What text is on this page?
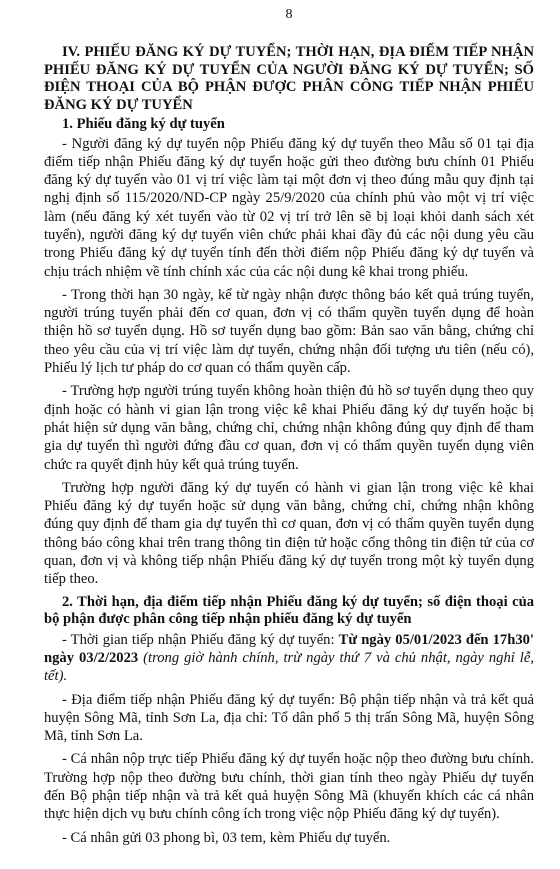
8
IV. PHIẾU ĐĂNG KÝ DỰ TUYỂN; THỜI HẠN, ĐỊA ĐIỂM TIẾP NHẬN PHIẾU ĐĂNG KÝ DỰ TUYỂN CỦA NGƯỜI ĐĂNG KÝ DỰ TUYỂN; SỐ ĐIỆN THOẠI CỦA BỘ PHẬN ĐƯỢC PHÂN CÔNG TIẾP NHẬN PHIẾU ĐĂNG KÝ DỰ TUYỂN
1. Phiếu đăng ký dự tuyển

- Người đăng ký dự tuyển nộp Phiếu đăng ký dự tuyển theo Mẫu số 01 tại địa điểm tiếp nhận Phiếu đăng ký dự tuyển hoặc gửi theo đường bưu chính 01 Phiếu đăng ký dự tuyển vào 01 vị trí việc làm tại một đơn vị theo đúng mẫu quy định tại nghị định số 115/2020/ND-CP ngày 25/9/2020 của chính phủ vào một vị trí việc làm (nếu đăng ký xét tuyển vào từ 02 vị trí trở lên sẽ bị loại khỏi danh sách xét tuyển), người đăng ký dự tuyển viên chức phải khai đầy đủ các nội dung yêu cầu trong Phiếu đăng ký dự tuyển tính đến thời điểm nộp Phiếu đăng ký dự tuyển và chịu trách nhiệm về tính chính xác của các nội dung kê khai trong phiếu.

- Trong thời hạn 30 ngày, kể từ ngày nhận được thông báo kết quả trúng tuyển, người trúng tuyển phải đến cơ quan, đơn vị có thẩm quyền tuyển dụng để hoàn thiện hồ sơ tuyển dụng. Hồ sơ tuyển dụng bao gồm: Bản sao văn bằng, chứng chỉ theo yêu cầu của vị trí việc làm dự tuyển, chứng nhận đối tượng ưu tiên (nếu có), Phiếu lý lịch tư pháp do cơ quan có thẩm quyền cấp.

- Trường hợp người trúng tuyển không hoàn thiện đủ hồ sơ tuyển dụng theo quy định hoặc có hành vi gian lận trong việc kê khai Phiếu đăng ký dự tuyển hoặc bị phát hiện sử dụng văn bằng, chứng chỉ, chứng nhận không đúng quy định để tham gia dự tuyển thì người đứng đầu cơ quan, đơn vị có thẩm quyền tuyển dụng viên chức ra quyết định hủy kết quả trúng tuyển.

Trường hợp người đăng ký dự tuyển có hành vi gian lận trong việc kê khai Phiếu đăng ký dự tuyển hoặc sử dụng văn bằng, chứng chỉ, chứng nhận không đúng quy định để tham gia dự tuyển thì cơ quan, đơn vị có thẩm quyền tuyển dụng thông báo công khai trên trang thông tin điện tử hoặc cổng thông tin điện tử của cơ quan, đơn vị và không tiếp nhận Phiếu đăng ký dự tuyển trong một kỳ tuyển dụng tiếp theo.

2. Thời hạn, địa điểm tiếp nhận Phiếu đăng ký dự tuyển; số điện thoại của bộ phận được phân công tiếp nhận phiếu đăng ký dự tuyển

- Thời gian tiếp nhận Phiếu đăng ký dự tuyển: Từ ngày 05/01/2023 đến 17h30' ngày 03/2/2023 (trong giờ hành chính, trừ ngày thứ 7 và chủ nhật, ngày nghỉ lễ, tết).

- Địa điểm tiếp nhận Phiếu đăng ký dự tuyển: Bộ phận tiếp nhận và trả kết quả huyện Sông Mã, tỉnh Sơn La, địa chỉ: Tổ dân phố 5 thị trấn Sông Mã, huyện Sông Mã, tỉnh Sơn La.

- Cá nhân nộp trực tiếp Phiếu đăng ký dự tuyển hoặc nộp theo đường bưu chính. Trường hợp nộp theo đường bưu chính, thời gian tính theo ngày Phiếu dự tuyển đến Bộ phận tiếp nhận và trả kết quả huyện Sông Mã (khuyến khích các cá nhân thực hiện dịch vụ bưu chính công ích trong việc nộp Phiếu đăng ký dự tuyển).

- Cá nhân gửi 03 phong bì, 03 tem, kèm Phiếu dự tuyển.
